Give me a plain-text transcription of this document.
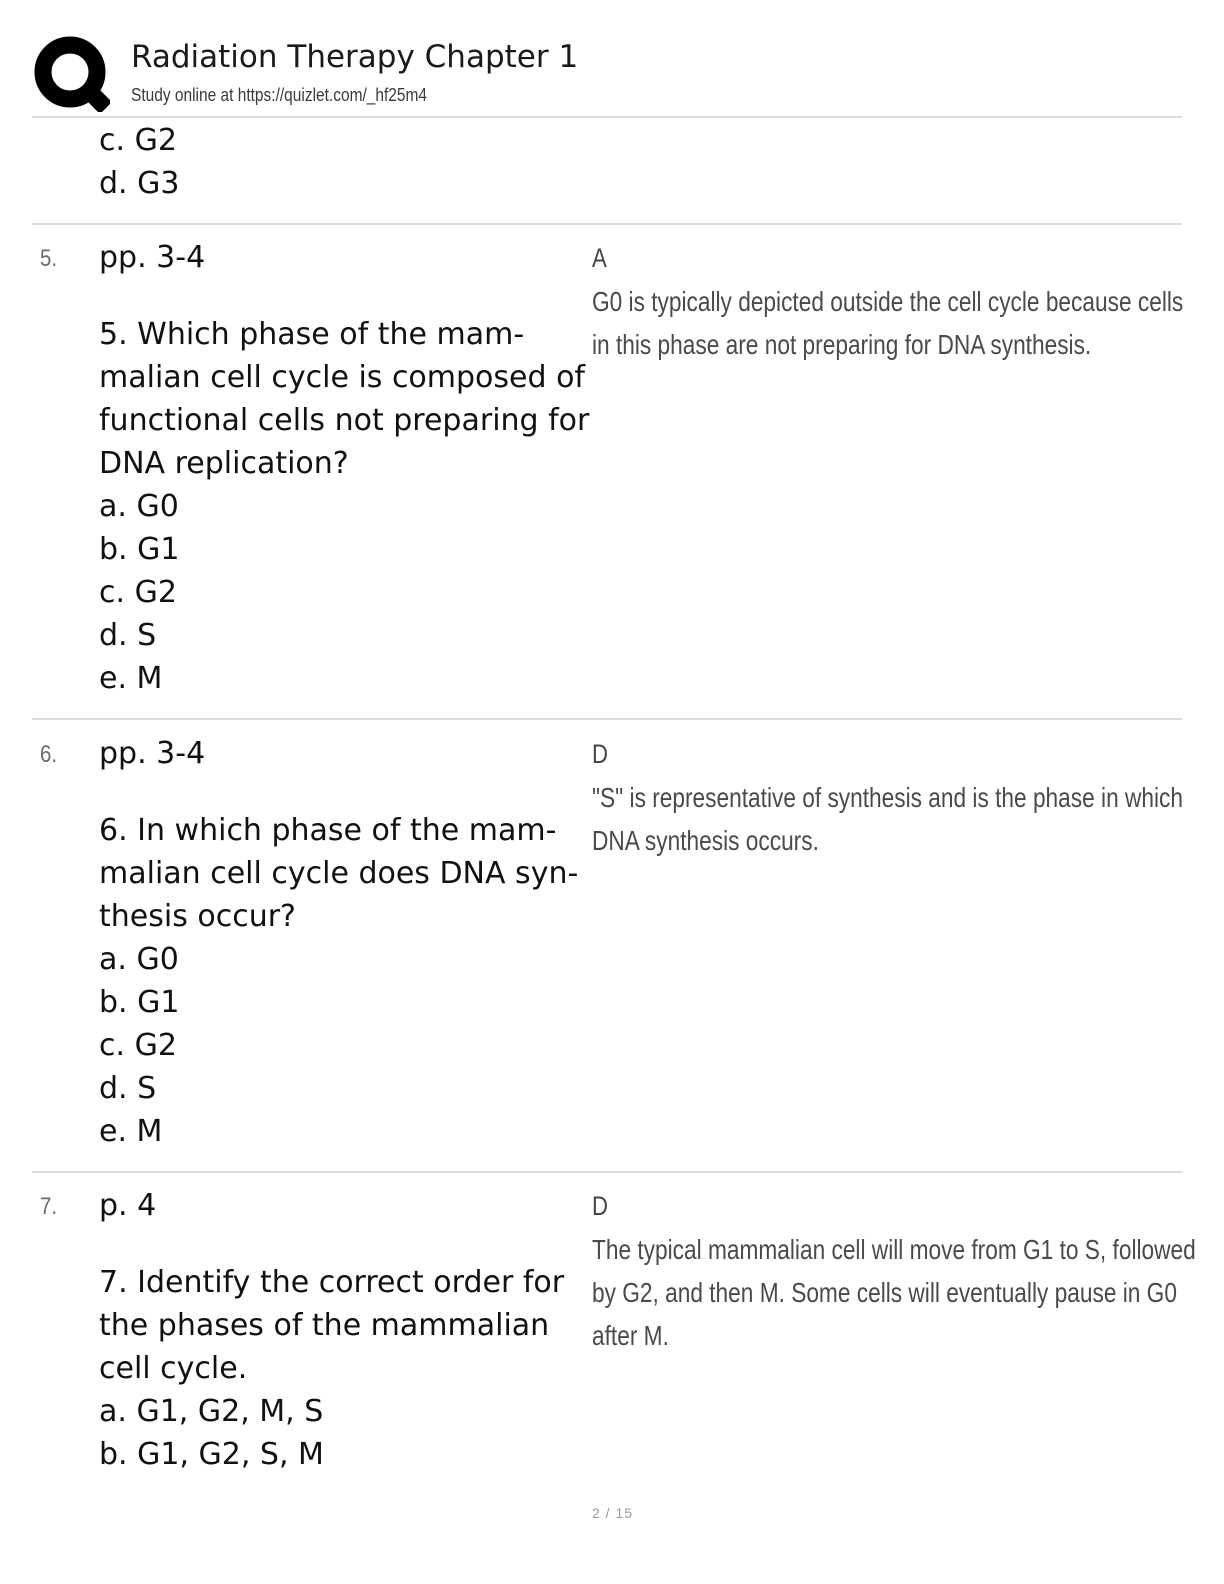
Radiation Therapy Chapter 1
Study online at https://quizlet.com/_hf25m4
c. G2
d. G3
5. pp. 3-4
5. Which phase of the mam-
malian cell cycle is composed of
functional cells not preparing for
DNA replication?
a. G0
b. G1
c. G2
d. S
e. M
A
G0 is typically depicted outside the cell cycle because cells
in this phase are not preparing for DNA synthesis.
6. pp. 3-4
6. In which phase of the mam-
malian cell cycle does DNA syn-
thesis occur?
a. G0
b. G1
c. G2
d. S
e. M
D
"S" is representative of synthesis and is the phase in which
DNA synthesis occurs.
7. p. 4
7. Identify the correct order for
the phases of the mammalian
cell cycle.
a. G1, G2, M, S
b. G1, G2, S, M
D
The typical mammalian cell will move from G1 to S, followed
by G2, and then M. Some cells will eventually pause in G0
after M.
2 / 15
